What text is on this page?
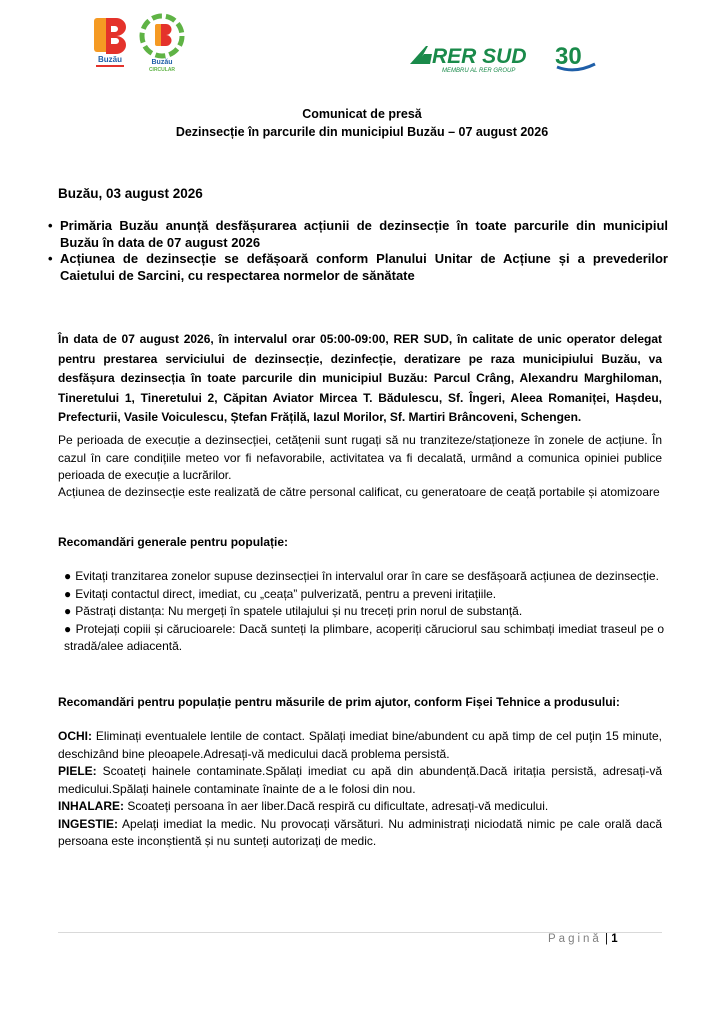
Buzău	Buzău
CIRCULAR
RER SUD
MEMBRU AL RER GROUP
30
Comunicat de presă
Dezinsecție în parcurile din municipiul Buzău – 07 august 2026
Buzău, 03 august 2026
• Primăria Buzău anunță desfășurarea acțiunii de dezinsecție în toate parcurile din municipiul Buzău în data de 07 august 2026
• Acțiunea de dezinsecție se defășoară conform Planului Unitar de Acțiune și a prevederilor Caietului de Sarcini, cu respectarea normelor de sănătate

În data de 07 august 2026, în intervalul orar 05:00-09:00, RER SUD, în calitate de unic operator delegat pentru prestarea serviciului de dezinsecție, dezinfecție, deratizare pe raza municipiului Buzău, va desfășura dezinsecția în toate parcurile din municipiul Buzău: Parcul Crâng, Alexandru Marghiloman, Tineretului 1, Tineretului 2, Căpitan Aviator Mircea T. Bădulescu, Sf. Îngeri, Aleea Romaniței, Hașdeu, Prefecturii, Vasile Voiculescu, Ștefan Frățilă, Iazul Morilor, Sf. Martiri Brâncoveni, Schengen.

Pe perioada de execuție a dezinsecției, cetățenii sunt rugați să nu tranziteze/staționeze în zonele de acțiune. În cazul în care condițiile meteo vor fi nefavorabile, activitatea va fi decalată, urmând a comunica opiniei publice perioada de execuție a lucrărilor.

Acțiunea de dezinsecție este realizată de către personal calificat, cu generatoare de ceață portabile și atomizoare

Recomandări generale pentru populație:
● Evitați tranzitarea zonelor supuse dezinsecției în intervalul orar în care se desfășoară acțiunea de dezinsecție.
● Evitați contactul direct, imediat, cu „ceața” pulverizată, pentru a preveni iritațiile.
● Păstrați distanța: Nu mergeți în spatele utilajului și nu treceți prin norul de substanță.
● Protejați copiii și cărucioarele: Dacă sunteți la plimbare, acoperiți căruciorul sau schimbați imediat traseul pe o stradă/alee adiacentă.
Recomandări pentru populație pentru măsurile de prim ajutor, conform Fișei Tehnice a produsului:

OCHI: Eliminați eventualele lentile de contact. Spălați imediat bine/abundent cu apă timp de cel puţin 15 minute, deschizând bine pleoapele.Adresați-vă medicului dacă problema persistă.

PIELE: Scoateți hainele contaminate.Spălați imediat cu apă din abundență.Dacă iritația persistă, adresați-vă medicului.Spălați hainele contaminate înainte de a le folosi din nou.

INHALARE: Scoateți persoana în aer liber.Dacă respiră cu dificultate, adresați-vă medicului.

INGESTIE: Apelați imediat la medic. Nu provocați vărsături. Nu administrați niciodată nimic pe cale orală dacă persoana este inconștientă și nu sunteți autorizați de medic.

Pagină | 1
